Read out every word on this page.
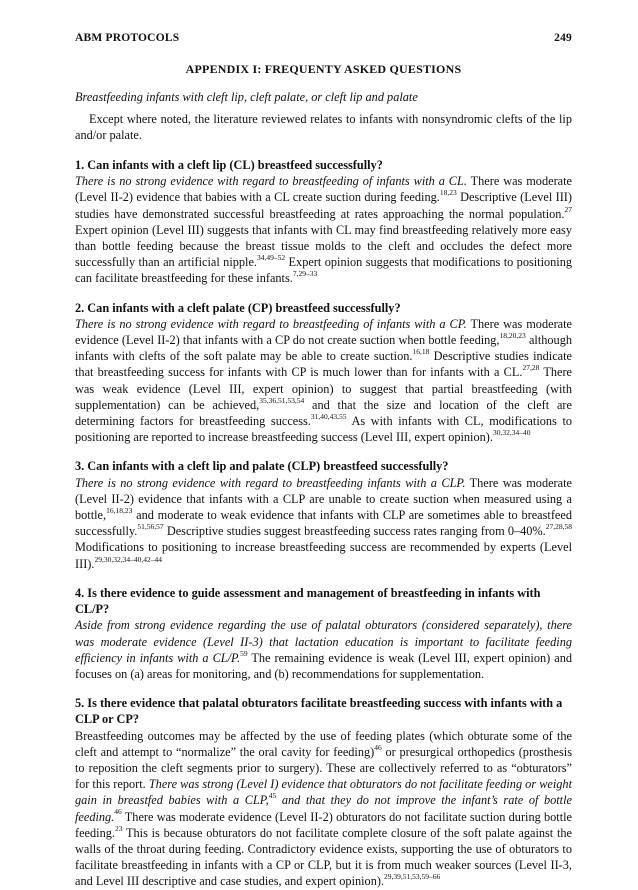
ABM PROTOCOLS	249
APPENDIX I: FREQUENTY ASKED QUESTIONS

Breastfeeding infants with cleft lip, cleft palate, or cleft lip and palate

Except where noted, the literature reviewed relates to infants with nonsyndromic clefts of the lip and/or palate.

1. Can infants with a cleft lip (CL) breastfeed successfully?

There is no strong evidence with regard to breastfeeding of infants with a CL. There was moderate (Level II-2) evidence that babies with a CL create suction during feeding.$^{18,23}$ Descriptive (Level III) studies have demonstrated successful breastfeeding at rates approaching the normal population.$^{27}$ Expert opinion (Level III) suggests that infants with CL may find breastfeeding relatively more easy than bottle feeding because the breast tissue molds to the cleft and occludes the defect more successfully than an artificial nipple.$^{34,49-52}$ Expert opinion suggests that modifications to positioning can facilitate breastfeeding for these infants.$^{7,29-33}$

2. Can infants with a cleft palate (CP) breastfeed successfully?

There is no strong evidence with regard to breastfeeding of infants with a CP. There was moderate evidence (Level II-2) that infants with a CP do not create suction when bottle feeding,$^{18,20,23}$ although infants with clefts of the soft palate may be able to create suction.$^{16,18}$ Descriptive studies indicate that breastfeeding success for infants with CP is much lower than for infants with a CL.$^{27,28}$ There was weak evidence (Level III, expert opinion) to suggest that partial breastfeeding (with supplementation) can be achieved,$^{35,36,51,53,54}$ and that the size and location of the cleft are determining factors for breastfeeding success.$^{31,40,43,55}$ As with infants with CL, modifications to positioning are reported to increase breastfeeding success (Level III, expert opinion).$^{30,32,34-40}$

3. Can infants with a cleft lip and palate (CLP) breastfeed successfully?

There is no strong evidence with regard to breastfeeding infants with a CLP. There was moderate (Level II-2) evidence that infants with a CLP are unable to create suction when measured using a bottle,$^{16,18,23}$ and moderate to weak evidence that infants with CLP are sometimes able to breastfeed successfully.$^{51,56,57}$ Descriptive studies suggest breastfeeding success rates ranging from 0–40%.$^{27,28,58}$ Modifications to positioning to increase breastfeeding success are recommended by experts (Level III).$^{29,30,32,34-40,42-44}$

4. Is there evidence to guide assessment and management of breastfeeding in infants with CL/P?

Aside from strong evidence regarding the use of palatal obturators (considered separately), there was moderate evidence (Level II-3) that lactation education is important to facilitate feeding efficiency in infants with a CL/P.$^{59}$ The remaining evidence is weak (Level III, expert opinion) and focuses on (a) areas for monitoring, and (b) recommendations for supplementation.

5. Is there evidence that palatal obturators facilitate breastfeeding success with infants with a CLP or CP?

Breastfeeding outcomes may be affected by the use of feeding plates (which obturate some of the cleft and attempt to “normalize” the oral cavity for feeding)$^{46}$ or presurgical orthopedics (prosthesis to reposition the cleft segments prior to surgery). These are collectively referred to as “obturators” for this report. There was strong (Level I) evidence that obturators do not facilitate feeding or weight gain in breastfed babies with a CLP,$^{45}$ and that they do not improve the infant’s rate of bottle feeding.$^{46}$ There was moderate evidence (Level II-2) obturators do not facilitate suction during bottle feeding.$^{23}$ This is because obturators do not facilitate complete closure of the soft palate against the walls of the throat during feeding. Contradictory evidence exists, supporting the use of obturators to facilitate breastfeeding in infants with a CP or CLP, but it is from much weaker sources (Level II-3, and Level III descriptive and case studies, and expert opinion).$^{29,39,51,53,59-66}$
